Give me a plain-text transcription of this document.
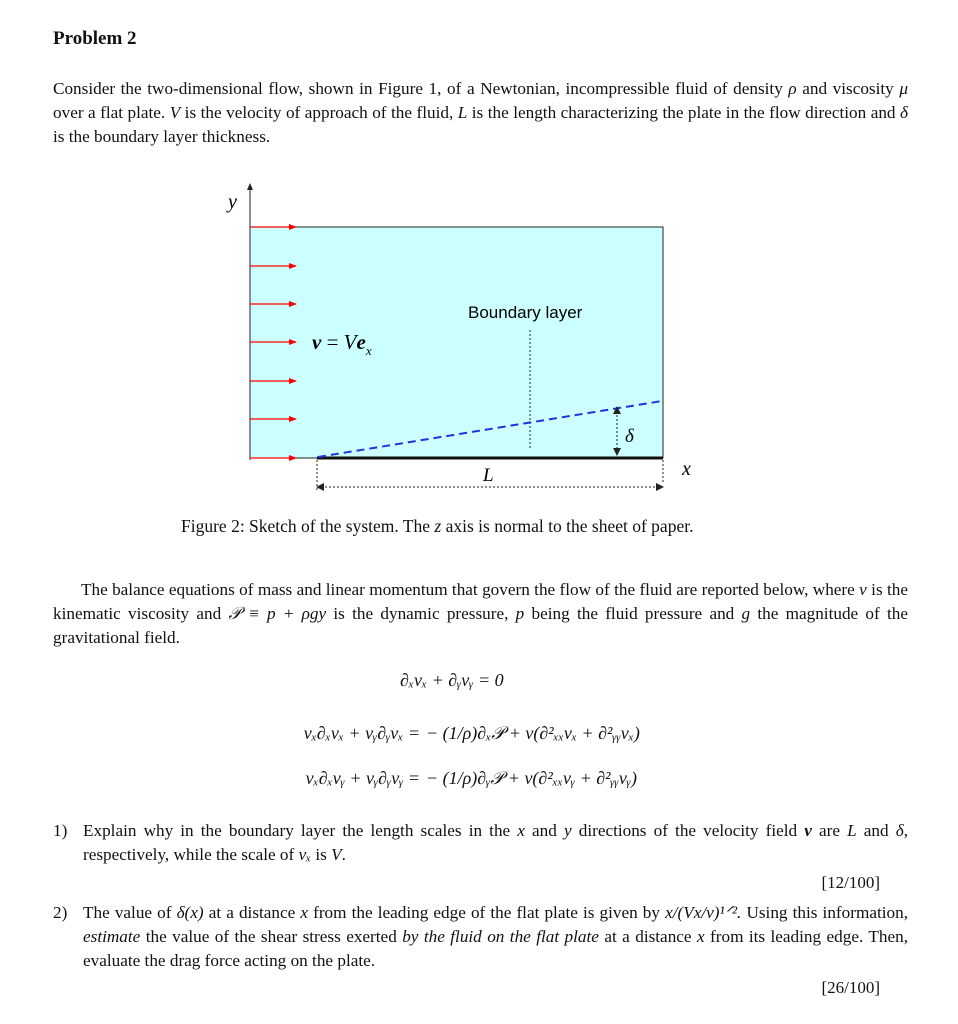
Problem 2
Consider the two-dimensional flow, shown in Figure 1, of a Newtonian, incompressible fluid of density ρ and viscosity μ over a flat plate. V is the velocity of approach of the fluid, L is the length characterizing the plate in the flow direction and δ is the boundary layer thickness.
y
$v = Ve_x$
Boundary layer
δ
L	x
Figure 2: Sketch of the system. The z axis is normal to the sheet of paper.
The balance equations of mass and linear momentum that govern the flow of the fluid are reported below, where ν is the kinematic viscosity and 𝒫 ≡ p + ρgy is the dynamic pressure, p being the fluid pressure and g the magnitude of the gravitational field.
∂ₓvₓ + ∂ᵧvᵧ = 0
vₓ∂ₓvₓ + vᵧ∂ᵧvₓ = − (1/ρ)∂ₓ𝒫 + ν(∂²ₓₓvₓ + ∂²ᵧᵧvₓ)
vₓ∂ₓvᵧ + vᵧ∂ᵧvᵧ = − (1/ρ)∂ᵧ𝒫 + ν(∂²ₓₓvᵧ + ∂²ᵧᵧvᵧ)
1) Explain why in the boundary layer the length scales in the x and y directions of the velocity field v are L and δ, respectively, while the scale of vₓ is V.
[12/100]
2) The value of δ(x) at a distance x from the leading edge of the flat plate is given by x/(Vx/ν)¹ᐟ². Using this information, estimate the value of the shear stress exerted by the fluid on the flat plate at a distance x from its leading edge. Then, evaluate the drag force acting on the plate.
[26/100]
